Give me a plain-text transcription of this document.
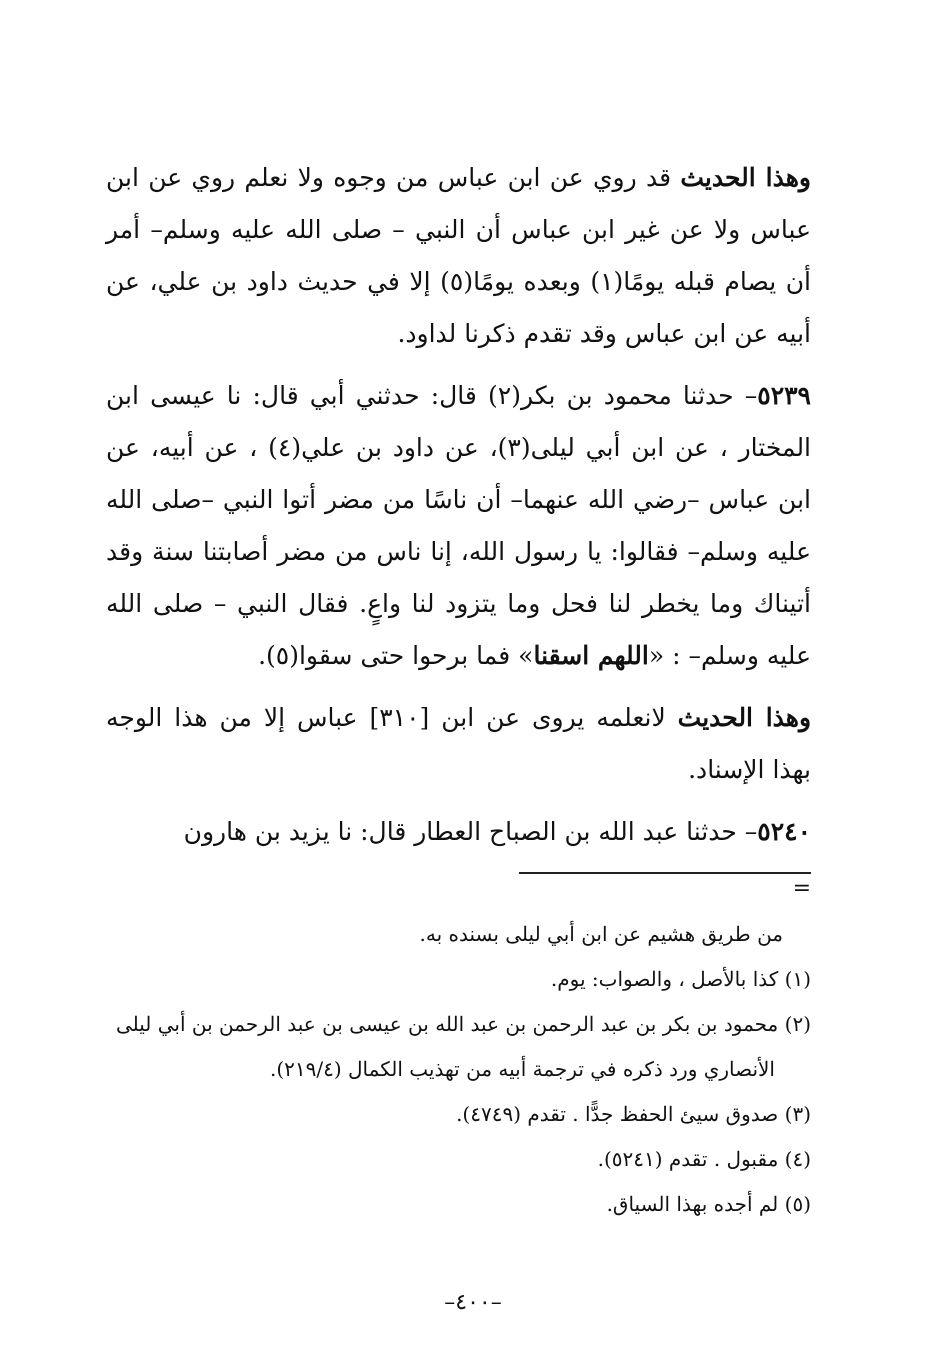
وهذا الحديث قد روي عن ابن عباس من وجوه ولا نعلم روي عن ابن عباس ولا عن غير ابن عباس أن النبي – صلى الله عليه وسلم– أمر أن يصام قبله يومًا(١) وبعده يومًا(٥) إلا في حديث داود بن علي، عن أبيه عن ابن عباس وقد تقدم ذكرنا لداود.

٥٢٣٩– حدثنا محمود بن بكر(٢) قال: حدثني أبي قال: نا عيسى ابن المختار ، عن ابن أبي ليلى(٣)، عن داود بن علي(٤) ، عن أبيه، عن ابن عباس –رضي الله عنهما– أن ناسًا من مضر أتوا النبي –صلى الله عليه وسلم– فقالوا: يا رسول الله، إنا ناس من مضر أصابتنا سنة وقد أتيناك وما يخطر لنا فحل وما يتزود لنا واعٍ. فقال النبي – صلى الله عليه وسلم– : «اللهم اسقنا» فما برحوا حتى سقوا(٥).

وهذا الحديث لانعلمه يروى عن ابن [٣١٠] عباس إلا من هذا الوجه بهذا الإسناد.

٥٢٤٠– حدثنا عبد الله بن الصباح العطار قال: نا يزيد بن هارون

=

من طريق هشيم عن ابن أبي ليلى بسنده به.

(١) كذا بالأصل ، والصواب: يوم.

(٢) محمود بن بكر بن عبد الرحمن بن عبد الله بن عيسى بن عبد الرحمن بن أبي ليلى الأنصاري ورد ذكره في ترجمة أبيه من تهذيب الكمال (٢١٩/٤).

(٣) صدوق سيئ الحفظ جدًّا . تقدم (٤٧٤٩).

(٤) مقبول . تقدم (٥٢٤١).

(٥) لم أجده بهذا السياق.

–٤٠٠–
